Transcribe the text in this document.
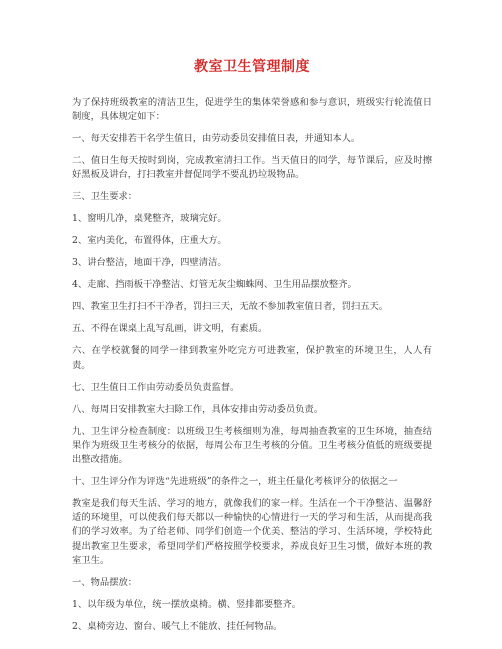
教室卫生管理制度

为了保持班级教室的清洁卫生，促进学生的集体荣誉感和参与意识，班级实行轮流值日制度，具体规定如下：

一、每天安排若干名学生值日，由劳动委员安排值日表，并通知本人。

二、值日生每天按时到岗，完成教室清扫工作。当天值日的同学，每节课后，应及时擦好黑板及讲台，打扫教室并督促同学不要乱扔垃圾物品。

三、卫生要求：

1、窗明几净，桌凳整齐，玻璃完好。

2、室内美化，布置得体，庄重大方。

3、讲台整洁，地面干净，四壁清洁。

4、走廊、挡雨板干净整洁、灯管无灰尘蜘蛛网、卫生用品摆放整齐。

四、教室卫生打扫不干净者，罚扫三天，无故不参加教室值日者，罚扫五天。

五、不得在课桌上乱写乱画，讲文明，有素质。

六、在学校就餐的同学一律到教室外吃完方可进教室，保护教室的环境卫生，人人有责。

七、卫生值日工作由劳动委员负责监督。

八、每周日安排教室大扫除工作，具体安排由劳动委员负责。

九、卫生评分检查制度：以班级卫生考核细则为准，每周抽查教室的卫生环境，抽查结果作为班级卫生考核分的依据，每周公布卫生考核的分值。卫生考核分值低的班级要提出整改措施。

十、卫生评分作为评选“先进班级”的条件之一，班主任量化考核评分的依据之一

教室是我们每天生活、学习的地方，就像我们的家一样。生活在一个干净整洁、温馨舒适的环境里，可以使我们每天都以一种愉快的心情进行一天的学习和生活，从而提高我们的学习效率。为了给老师、同学们创造一个优美、整洁的学习、生活环境，学校特此提出教室卫生要求，希望同学们严格按照学校要求，养成良好卫生习惯，做好本班的教室卫生。

一、物品摆放：

1、以年级为单位，统一摆放桌椅。横、竖排都要整齐。

2、桌椅旁边、窗台、暖气上不能放、挂任何物品。
